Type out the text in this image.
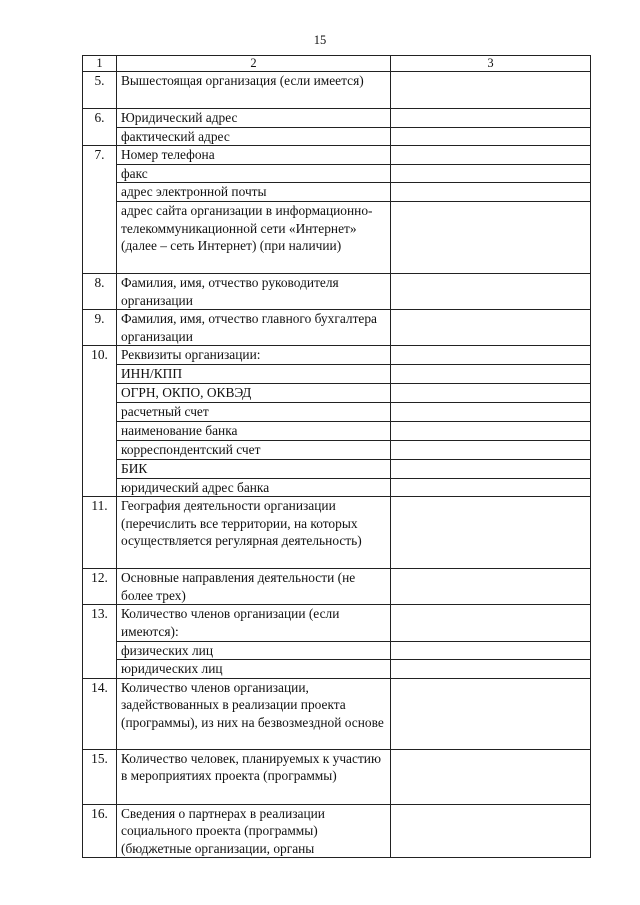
15
1	2	3
5.	Вышестоящая организация (если имеется)	
6.	Юридический адрес	
	фактический адрес	
7.	Номер телефона	
	факс	
	адрес электронной почты	
	адрес сайта организации в информационно-телекоммуникационной сети «Интернет» (далее – сеть Интернет) (при наличии)	
8.	Фамилия, имя, отчество руководителя организации	
9.	Фамилия, имя, отчество главного бухгалтера организации	
10.	Реквизиты организации:	
	ИНН/КПП	
	ОГРН, ОКПО, ОКВЭД	
	расчетный счет	
	наименование банка	
	корреспондентский счет	
	БИК	
	юридический адрес банка	
11.	География деятельности организации (перечислить все территории, на которых осуществляется регулярная деятельность)	
12.	Основные направления деятельности (не более трех)	
13.	Количество членов организации (если имеются):	
	физических лиц	
	юридических лиц	
14.	Количество членов организации, задействованных в реализации проекта (программы), из них на безвозмездной основе	
15.	Количество человек, планируемых к участию в мероприятиях проекта (программы)	
16.	Сведения о партнерах в реализации социального проекта (программы) (бюджетные организации, органы	
